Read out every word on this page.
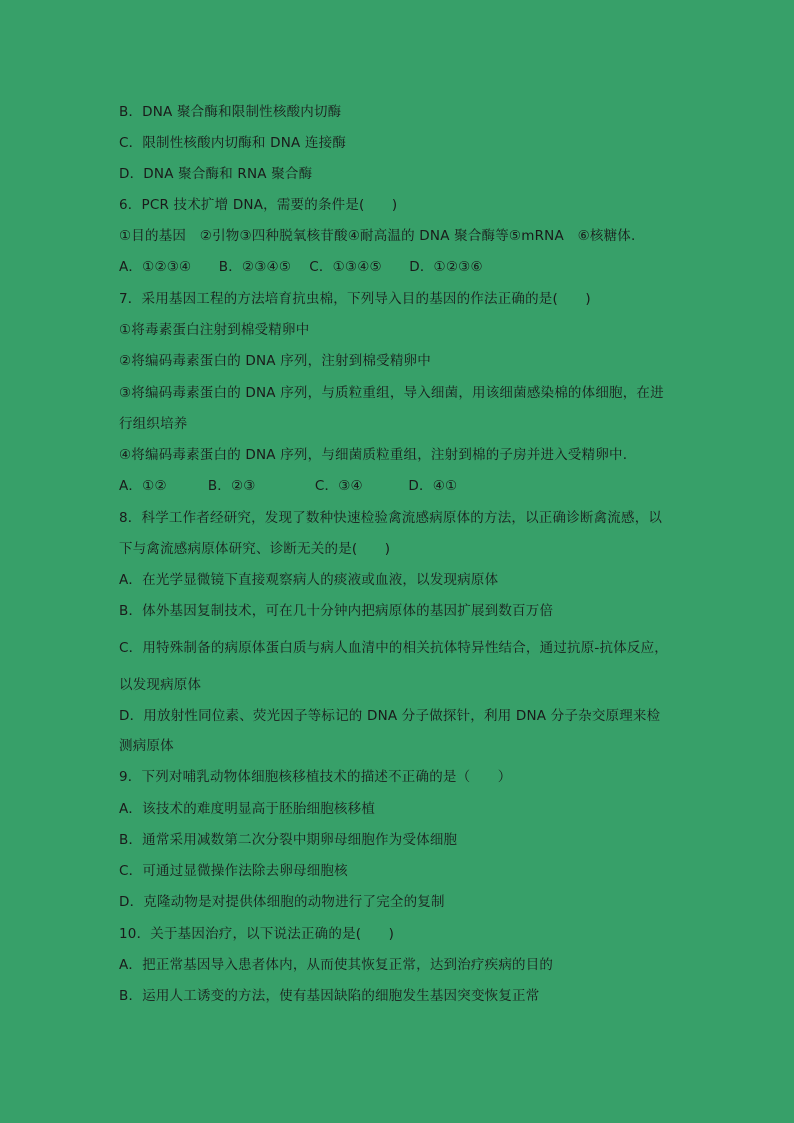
B．DNA 聚合酶和限制性核酸内切酶
C．限制性核酸内切酶和 DNA 连接酶
D．DNA 聚合酶和 RNA 聚合酶
6．PCR 技术扩增 DNA，需要的条件是(　　)
①目的基因　②引物③四种脱氧核苷酸④耐高温的 DNA 聚合酶等⑤mRNA　⑥核糖体.
A．①②③④　　B．②③④⑤　 C．①③④⑤　　D．①②③⑥
7．采用基因工程的方法培育抗虫棉，下列导入目的基因的作法正确的是(　　)
①将毒素蛋白注射到棉受精卵中
②将编码毒素蛋白的 DNA 序列，注射到棉受精卵中
③将编码毒素蛋白的 DNA 序列，与质粒重组，导入细菌，用该细菌感染棉的体细胞，在进
行组织培养
④将编码毒素蛋白的 DNA 序列，与细菌质粒重组，注射到棉的子房并进入受精卵中.
A．①②　　　B．②③　　　　 C．③④　　　 D．④①
8．科学工作者经研究，发现了数种快速检验禽流感病原体的方法，以正确诊断禽流感，以
下与禽流感病原体研究、诊断无关的是(　　)
A．在光学显微镜下直接观察病人的痰液或血液，以发现病原体
B．体外基因复制技术，可在几十分钟内把病原体的基因扩展到数百万倍
C．用特殊制备的病原体蛋白质与病人血清中的相关抗体特异性结合，通过抗原-抗体反应，
以发现病原体
D．用放射性同位素、荧光因子等标记的 DNA 分子做探针，利用 DNA 分子杂交原理来检
测病原体
9．下列对哺乳动物体细胞核移植技术的描述不正确的是（　　）
A．该技术的难度明显高于胚胎细胞核移植
B．通常采用减数第二次分裂中期卵母细胞作为受体细胞
C．可通过显微操作法除去卵母细胞核
D．克隆动物是对提供体细胞的动物进行了完全的复制
10．关于基因治疗，以下说法正确的是(　　)
A．把正常基因导入患者体内，从而使其恢复正常，达到治疗疾病的目的
B．运用人工诱变的方法，使有基因缺陷的细胞发生基因突变恢复正常
